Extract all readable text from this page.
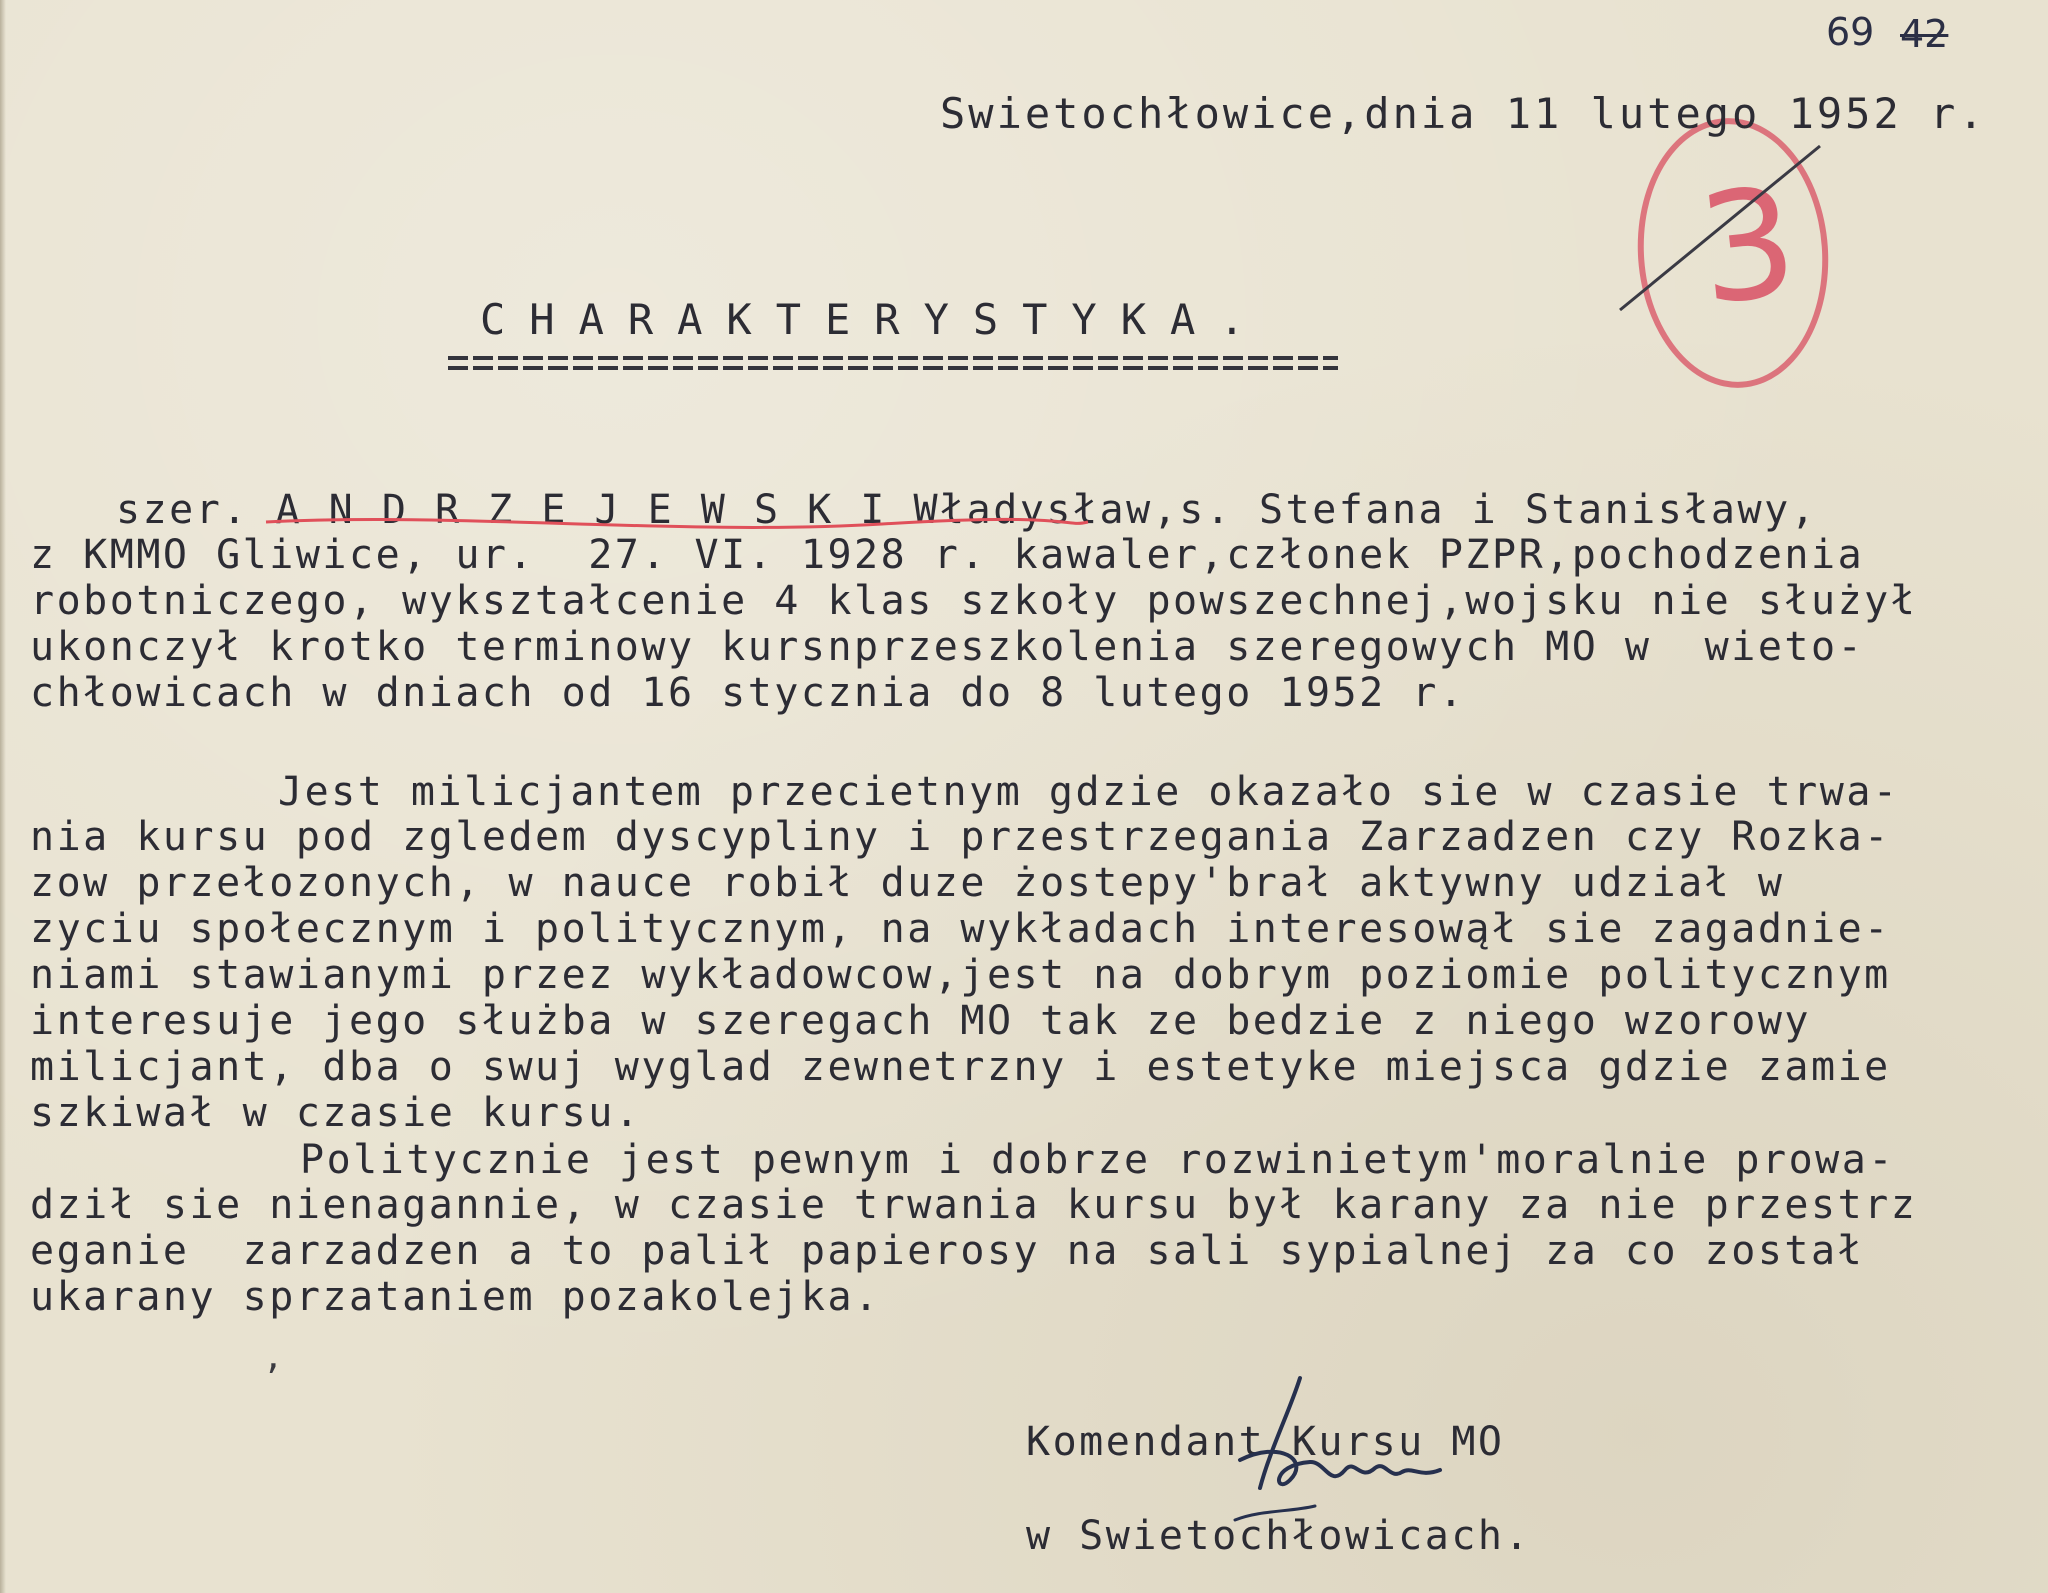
69 42
3
Swietochłowice,dnia 11 lutego 1952 r.
CHARAKTERYSTYKA.
szer. A N D R Z E J E W S K I Władysław,s. Stefana i Stanisławy,
z KMMO Gliwice, ur.  27. VI. 1928 r. kawaler,członek PZPR,pochodzenia
robotniczego, wykształcenie 4 klas szkoły powszechnej,wojsku nie służył
ukonczył krotko terminowy kursnprzeszkolenia szeregowych MO w  wieto-
chłowicach w dniach od 16 stycznia do 8 lutego 1952 r.
Jest milicjantem przecietnym gdzie okazało sie w czasie trwa-
nia kursu pod zgledem dyscypliny i przestrzegania Zarzadzen czy Rozka-
zow przełozonych, w nauce robił duze żostepy'brał aktywny udział w
zyciu społecznym i politycznym, na wykładach interesowął sie zagadnie-
niami stawianymi przez wykładowcow,jest na dobrym poziomie politycznym
interesuje jego służba w szeregach MO tak ze bedzie z niego wzorowy
milicjant, dba o swuj wyglad zewnetrzny i estetyke miejsca gdzie zamie
szkiwał w czasie kursu.
Politycznie jest pewnym i dobrze rozwinietym'moralnie prowa-
dził sie nienagannie, w czasie trwania kursu był karany za nie przestrz
eganie  zarzadzen a to palił papierosy na sali sypialnej za co został
ukarany sprzataniem pozakolejka.
ʼ
Komendant Kursu MO
w Swietochłowicach.
